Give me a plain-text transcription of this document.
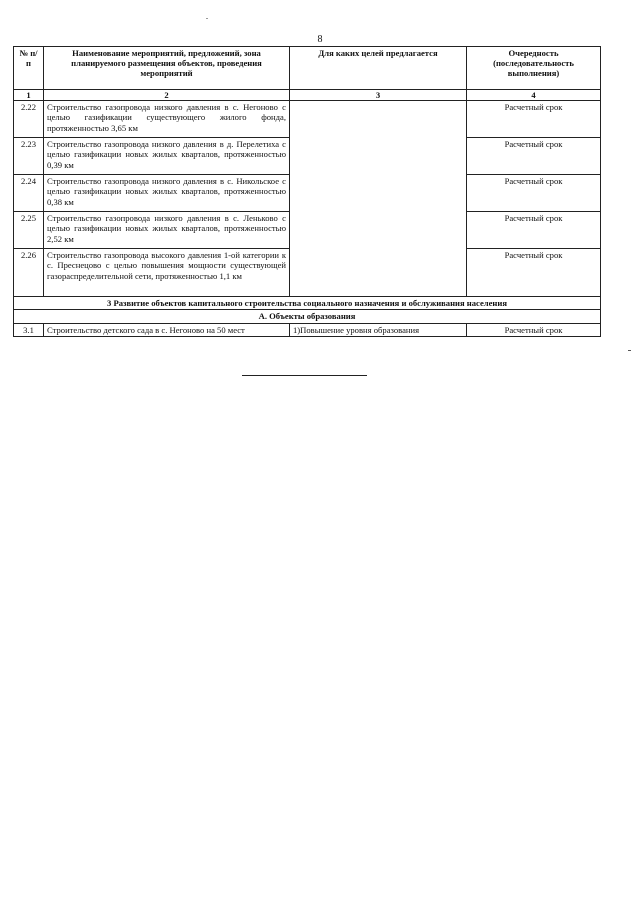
8
№ п/п	Наименование мероприятий, предложений, зона планируемого размещения объектов, проведения мероприятий	Для каких целей предлагается	Очередность (последовательность выполнения)
1	2	3	4
2.22	Строительство газопровода низкого давления в с. Негоново с целью газификации существующего жилого фонда, протяженностью 3,65 км		Расчетный срок
2.23	Строительство газопровода низкого давления в д. Перелетиха с целью газификации новых жилых кварталов, протяженностью 0,39 км		Расчетный срок
2.24	Строительство газопровода низкого давления в с. Никольское с целью газификации новых жилых кварталов, протяженностью 0,38 км		Расчетный срок
2.25	Строительство газопровода низкого давления в с. Леньково с целью газификации новых жилых кварталов, протяженностью 2,52 км		Расчетный срок
2.26	Строительство газопровода высокого давления 1-ой категории к с. Преснецово с целью повышения мощности существующей газораспределительной сети, протяженностью 1,1 км		Расчетный срок
3 Развитие объектов капитального строительства социального назначения и обслуживания населения			
А. Объекты образования			
3.1	Строительство детского сада в с. Негоново на 50 мест	1)Повышение уровня образования	Расчетный срок
